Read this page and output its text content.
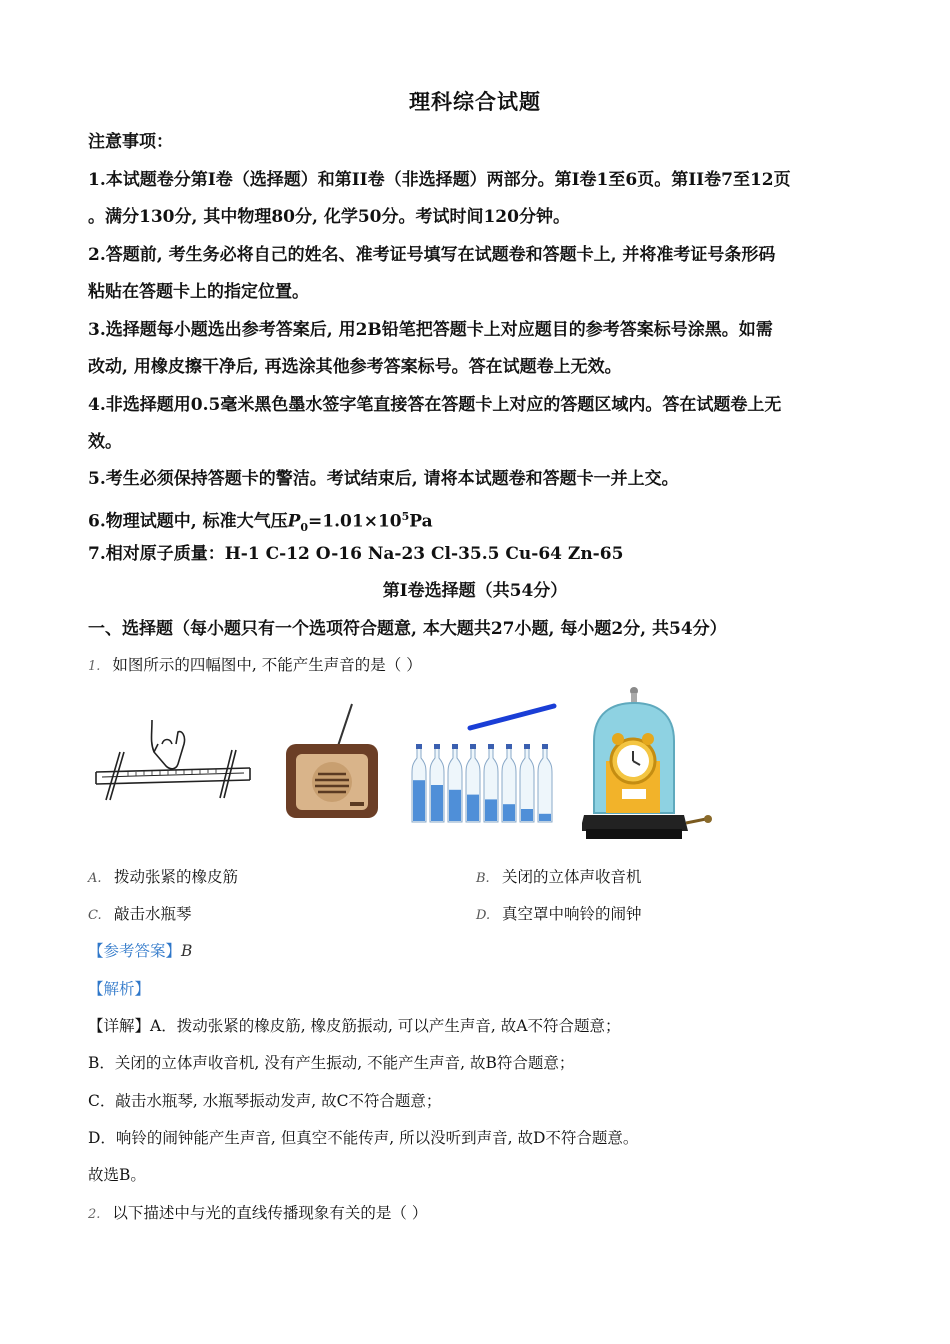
理科综合试题
注意事项：
1.本试题卷分第I卷（选择题）和第II卷（非选择题）两部分。第I卷1至6页。第II卷7至12页
。满分130分, 其中物理80分, 化学50分。考试时间120分钟。
2.答题前, 考生务必将自己的姓名、准考证号填写在试题卷和答题卡上, 并将准考证号条形码
粘贴在答题卡上的指定位置。
3.选择题每小题选出参考答案后, 用2B铅笔把答题卡上对应题目的参考答案标号涂黑。如需
改动, 用橡皮擦干净后, 再选涂其他参考答案标号。答在试题卷上无效。
4.非选择题用0.5毫米黑色墨水签字笔直接答在答题卡上对应的答题区域内。答在试题卷上无
效。
5.考生必须保持答题卡的警洁。考试结束后, 请将本试题卷和答题卡一并上交。
6.物理试题中, 标准大气压$P_0=1.01\times 10^5Pa$
7.相对原子质量：H-1 C-12 O-16 Na-23 Cl-35.5 Cu-64 Zn-65
第I卷选择题（共54分）
一、选择题（每小题只有一个选项符合题意, 本大题共27小题, 每小题2分, 共54分）
1. 如图所示的四幅图中, 不能产生声音的是（ ）
A. 拨动张紧的橡皮筋	B. 关闭的立体声收音机
C. 敲击水瓶琴	D. 真空罩中响铃的闹钟
【参考答案】B
【解析】
【详解】A．拨动张紧的橡皮筋, 橡皮筋振动, 可以产生声音, 故A不符合题意；
B．关闭的立体声收音机, 没有产生振动, 不能产生声音, 故B符合题意；
C．敲击水瓶琴, 水瓶琴振动发声, 故C不符合题意；
D．响铃的闹钟能产生声音, 但真空不能传声, 所以没听到声音, 故D不符合题意。
故选B。
2. 以下描述中与光的直线传播现象有关的是（ ）
